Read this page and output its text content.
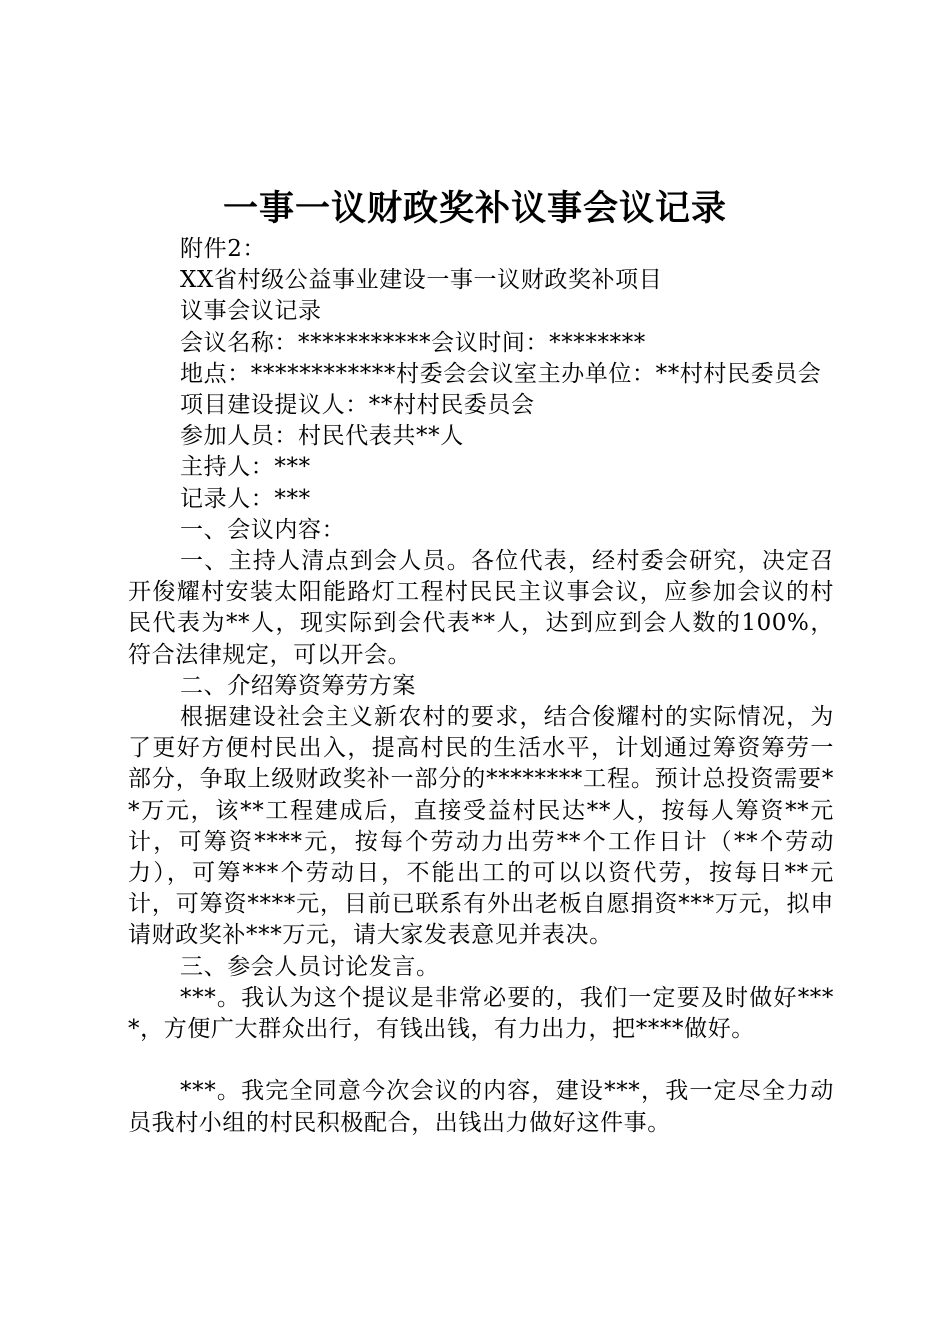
一事一议财政奖补议事会议记录

附件2：

XX省村级公益事业建设一事一议财政奖补项目

议事会议记录

会议名称：***********会议时间：********

地点：************村委会会议室主办单位：**村村民委员会

项目建设提议人：**村村民委员会

参加人员：村民代表共**人

主持人：***

记录人：***

一、会议内容：

一、主持人清点到会人员。各位代表，经村委会研究，决定召开俊耀村安装太阳能路灯工程村民民主议事会议，应参加会议的村民代表为**人，现实际到会代表**人，达到应到会人数的100%，符合法律规定，可以开会。

二、介绍筹资筹劳方案

根据建设社会主义新农村的要求，结合俊耀村的实际情况，为了更好方便村民出入，提高村民的生活水平，计划通过筹资筹劳一部分，争取上级财政奖补一部分的********工程。预计总投资需要**万元，该**工程建成后，直接受益村民达**人，按每人筹资**元计，可筹资****元，按每个劳动力出劳**个工作日计（**个劳动力），可筹***个劳动日，不能出工的可以以资代劳，按每日**元计，可筹资****元，目前已联系有外出老板自愿捐资***万元，拟申请财政奖补***万元，请大家发表意见并表决。

三、参会人员讨论发言。

***。我认为这个提议是非常必要的，我们一定要及时做好****，方便广大群众出行，有钱出钱，有力出力，把****做好。

***。我完全同意今次会议的内容，建设***，我一定尽全力动员我村小组的村民积极配合，出钱出力做好这件事。
